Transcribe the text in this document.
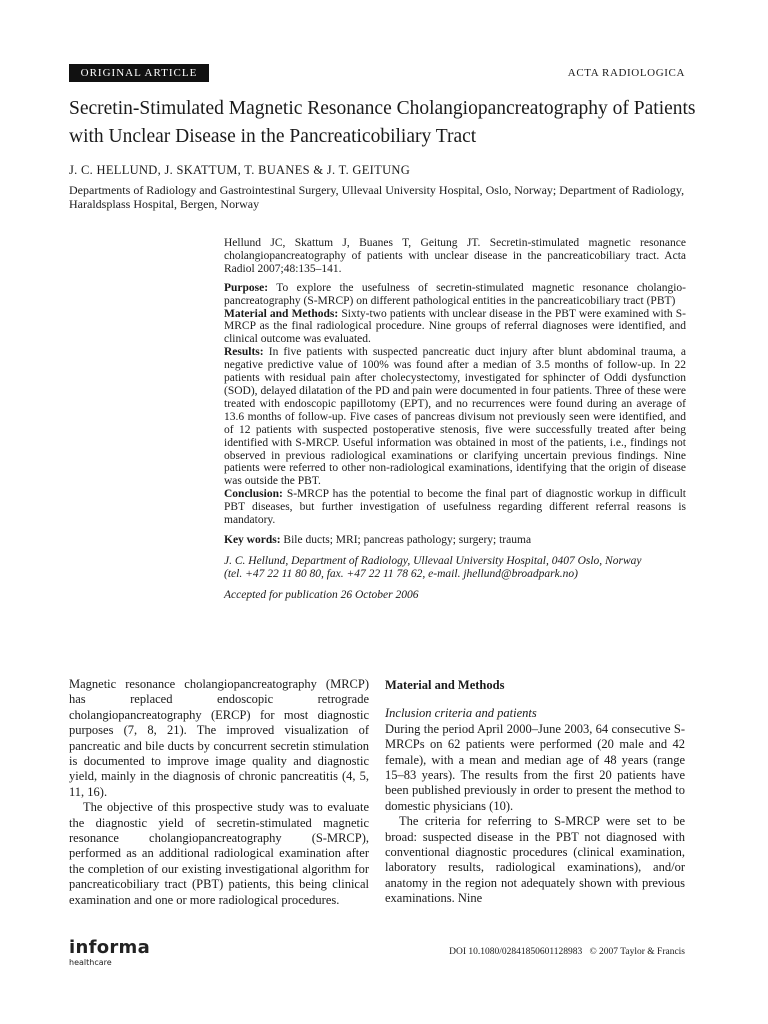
ORIGINAL ARTICLE	ACTA RADIOLOGICA
Secretin-Stimulated Magnetic Resonance Cholangiopancreatography of Patients with Unclear Disease in the Pancreaticobiliary Tract
J. C. HELLUND, J. SKATTUM, T. BUANES & J. T. GEITUNG
Departments of Radiology and Gastrointestinal Surgery, Ullevaal University Hospital, Oslo, Norway; Department of Radiology, Haraldsplass Hospital, Bergen, Norway

Hellund JC, Skattum J, Buanes T, Geitung JT. Secretin-stimulated magnetic resonance cholangiopancreatography of patients with unclear disease in the pancreaticobiliary tract. Acta Radiol 2007;48:135–141.

Purpose: To explore the usefulness of secretin-stimulated magnetic resonance cholangio-pancreatography (S-MRCP) on different pathological entities in the pancreaticobiliary tract (PBT)

Material and Methods: Sixty-two patients with unclear disease in the PBT were examined with S-MRCP as the final radiological procedure. Nine groups of referral diagnoses were identified, and clinical outcome was evaluated.

Results: In five patients with suspected pancreatic duct injury after blunt abdominal trauma, a negative predictive value of 100% was found after a median of 3.5 months of follow-up. In 22 patients with residual pain after cholecystectomy, investigated for sphincter of Oddi dysfunction (SOD), delayed dilatation of the PD and pain were documented in four patients. Three of these were treated with endoscopic papillotomy (EPT), and no recurrences were found during an average of 13.6 months of follow-up. Five cases of pancreas divisum not previously seen were identified, and of 12 patients with suspected postoperative stenosis, five were successfully treated after being identified with S-MRCP. Useful information was obtained in most of the patients, i.e., findings not observed in previous radiological examinations or clarifying uncertain previous findings. Nine patients were referred to other non-radiological examinations, identifying that the origin of disease was outside the PBT.

Conclusion: S-MRCP has the potential to become the final part of diagnostic workup in difficult PBT diseases, but further investigation of usefulness regarding different referral reasons is mandatory.

Key words: Bile ducts; MRI; pancreas pathology; surgery; trauma

J. C. Hellund, Department of Radiology, Ullevaal University Hospital, 0407 Oslo, Norway
(tel. +47 22 11 80 80, fax. +47 22 11 78 62, e-mail. jhellund@broadpark.no)

Accepted for publication 26 October 2006

Magnetic resonance cholangiopancreatography (MRCP) has replaced endoscopic retrograde cholangiopancreatography (ERCP) for most diagnostic purposes (7, 8, 21). The improved visualization of pancreatic and bile ducts by concurrent secretin stimulation is documented to improve image quality and diagnostic yield, mainly in the diagnosis of chronic pancreatitis (4, 5, 11, 16).

The objective of this prospective study was to evaluate the diagnostic yield of secretin-stimulated magnetic resonance cholangiopancreatography (S-MRCP), performed as an additional radiological examination after the completion of our existing investigational algorithm for pancreaticobiliary tract (PBT) patients, this being clinical examination and one or more radiological procedures.

Material and Methods

Inclusion criteria and patients

During the period April 2000–June 2003, 64 consecutive S-MRCPs on 62 patients were performed (20 male and 42 female), with a mean and median age of 48 years (range 15–83 years). The results from the first 20 patients have been published previously in order to present the method to domestic physicians (10).

The criteria for referring to S-MRCP were set to be broad: suspected disease in the PBT not diagnosed with conventional diagnostic procedures (clinical examination, laboratory results, radiological examinations), and/or anatomy in the region not adequately shown with previous examinations. Nine

informa
healthcare
DOI 10.1080/02841850601128983 © 2007 Taylor & Francis
